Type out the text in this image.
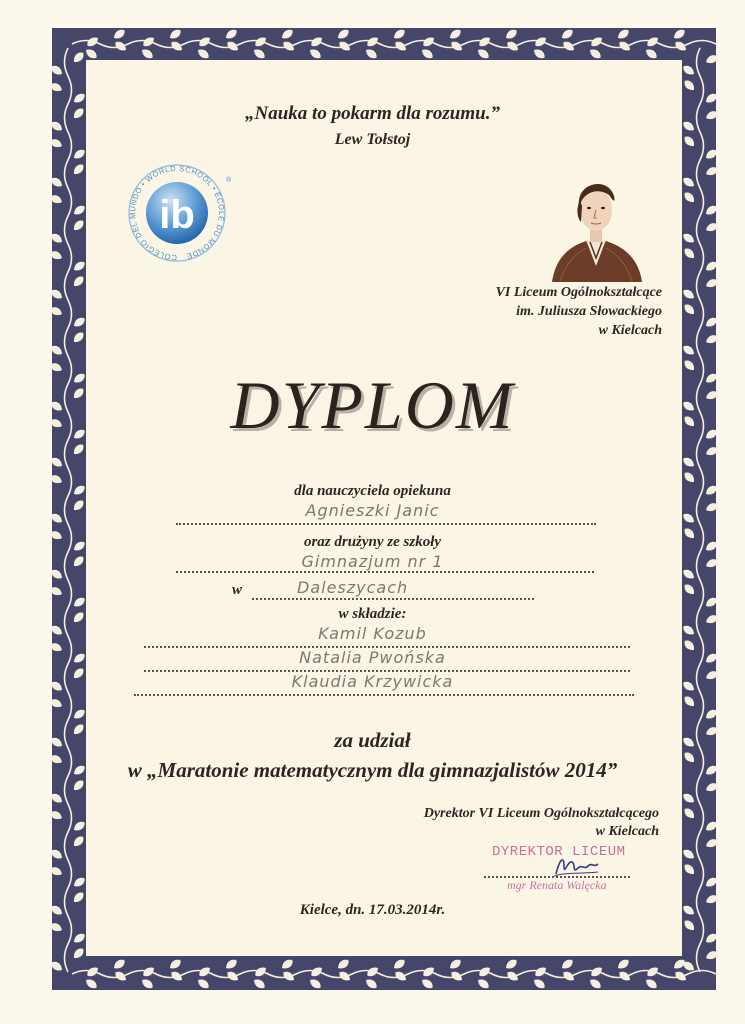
„Nauka to pokarm dla rozumu.”
Lew Tołstoj
COLEGIO DEL MUNDO • WORLD SCHOOL • ÉCOLE DU MONDE
ib
®
VI Liceum Ogólnokształcące
im. Juliusza Słowackiego
w Kielcach
DYPLOM
dla nauczyciela opiekuna
Agnieszki Janic
oraz drużyny ze szkoły
Gimnazjum nr 1
w	Daleszycach
w składzie:
Kamil Kozub
Natalia Pwońska
Klaudia Krzywicka
za udział
w „Maratonie matematycznym dla gimnazjalistów 2014”
Dyrektor VI Liceum Ogólnokształcącego
w Kielcach
DYREKTOR LICEUM
mgr Renata Walęcka
Kielce, dn. 17.03.2014r.
